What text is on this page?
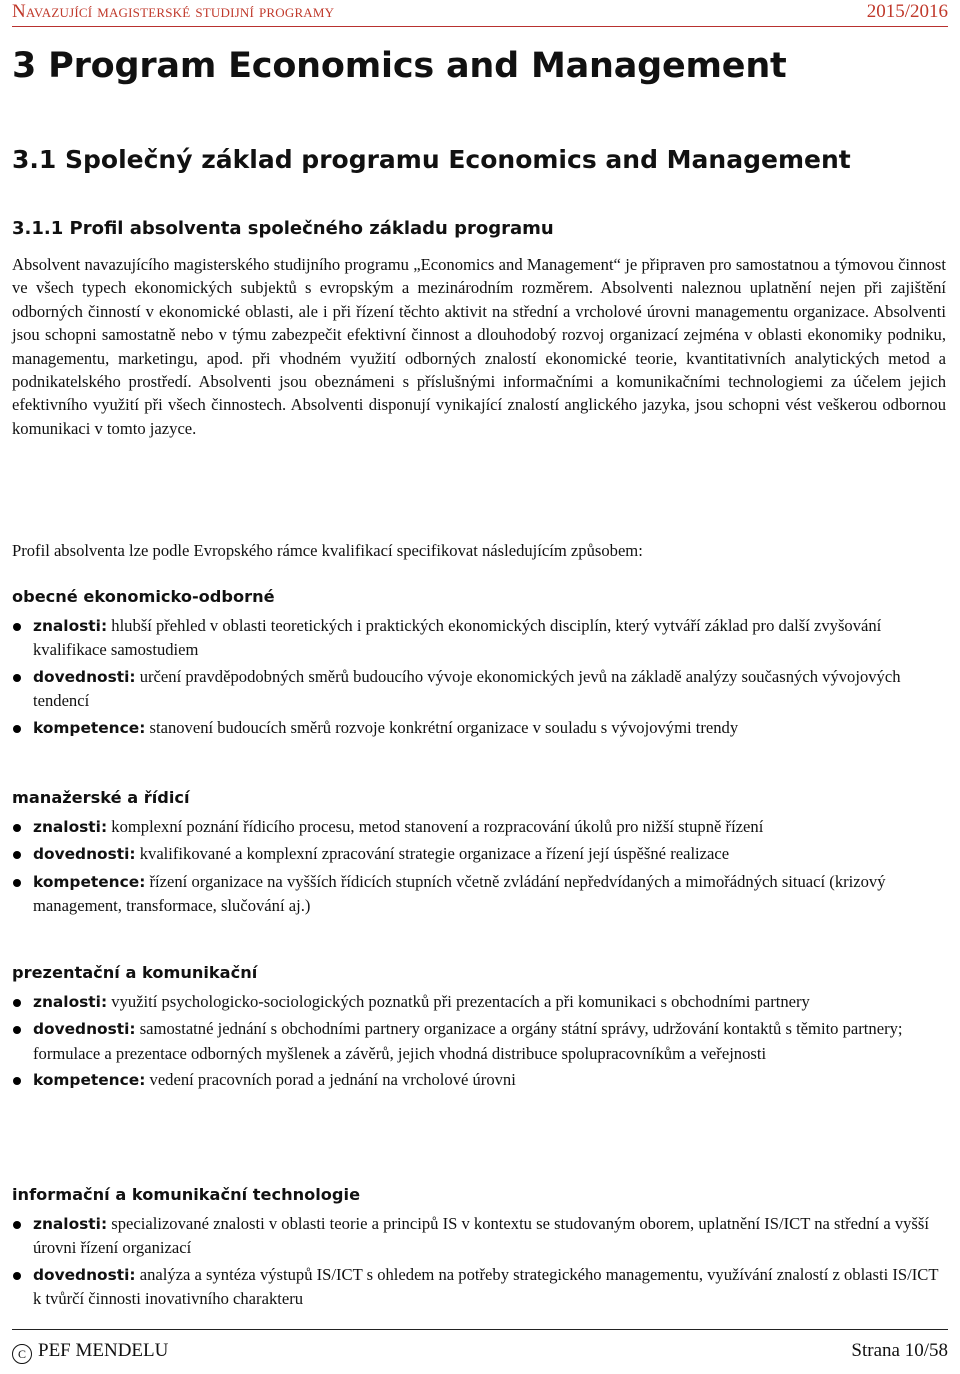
Navazující magisterské studijní programy	2015/2016
3 Program Economics and Management
3.1 Společný základ programu Economics and Management
3.1.1 Profil absolventa společného základu programu

Absolvent navazujícího magisterského studijního programu „Economics and Management“ je připraven pro samostatnou a týmovou činnost ve všech typech ekonomických subjektů s evropským a mezinárodním rozměrem. Absolventi naleznou uplatnění nejen při zajištění odborných činností v ekonomické oblasti, ale i při řízení těchto aktivit na střední a vrcholové úrovni managementu organizace. Absolventi jsou schopni samostatně nebo v týmu zabezpečit efektivní činnost a dlouhodobý rozvoj organizací zejména v oblasti ekonomiky podniku, managementu, marketingu, apod. při vhodném využití odborných znalostí ekonomické teorie, kvantitativních analytických metod a podnikatelského prostředí. Absolventi jsou obeznámeni s příslušnými informačními a komunikačními technologiemi za účelem jejich efektivního využití při všech činnostech. Absolventi disponují vynikající znalostí anglického jazyka, jsou schopni vést veškerou odbornou komunikaci v tomto jazyce.

Profil absolventa lze podle Evropského rámce kvalifikací specifikovat následujícím způsobem:

obecné ekonomicko-odborné
znalosti: hlubší přehled v oblasti teoretických i praktických ekonomických disciplín, který vytváří základ pro další zvyšování kvalifikace samostudiem
dovednosti: určení pravděpodobných směrů budoucího vývoje ekonomických jevů na základě analýzy současných vývojových tendencí
kompetence: stanovení budoucích směrů rozvoje konkrétní organizace v souladu s vývojovými trendy
manažerské a řídicí
znalosti: komplexní poznání řídicího procesu, metod stanovení a rozpracování úkolů pro nižší stupně řízení
dovednosti: kvalifikované a komplexní zpracování strategie organizace a řízení její úspěšné realizace
kompetence: řízení organizace na vyšších řídicích stupních včetně zvládání nepředvídaných a mimořádných situací (krizový management, transformace, slučování aj.)
prezentační a komunikační
znalosti: využití psychologicko-sociologických poznatků při prezentacích a při komunikaci s obchodními partnery
dovednosti: samostatné jednání s obchodními partnery organizace a orgány státní správy, udržování kontaktů s těmito partnery; formulace a prezentace odborných myšlenek a závěrů, jejich vhodná distribuce spolupracovníkům a veřejnosti
kompetence: vedení pracovních porad a jednání na vrcholové úrovni
informační a komunikační technologie
znalosti: specializované znalosti v oblasti teorie a principů IS v kontextu se studovaným oborem, uplatnění IS/ICT na střední a vyšší úrovni řízení organizací
dovednosti: analýza a syntéza výstupů IS/ICT s ohledem na potřeby strategického managementu, využívání znalostí z oblasti IS/ICT k tvůrčí činnosti inovativního charakteru
C PEF MENDELU	Strana 10/58
